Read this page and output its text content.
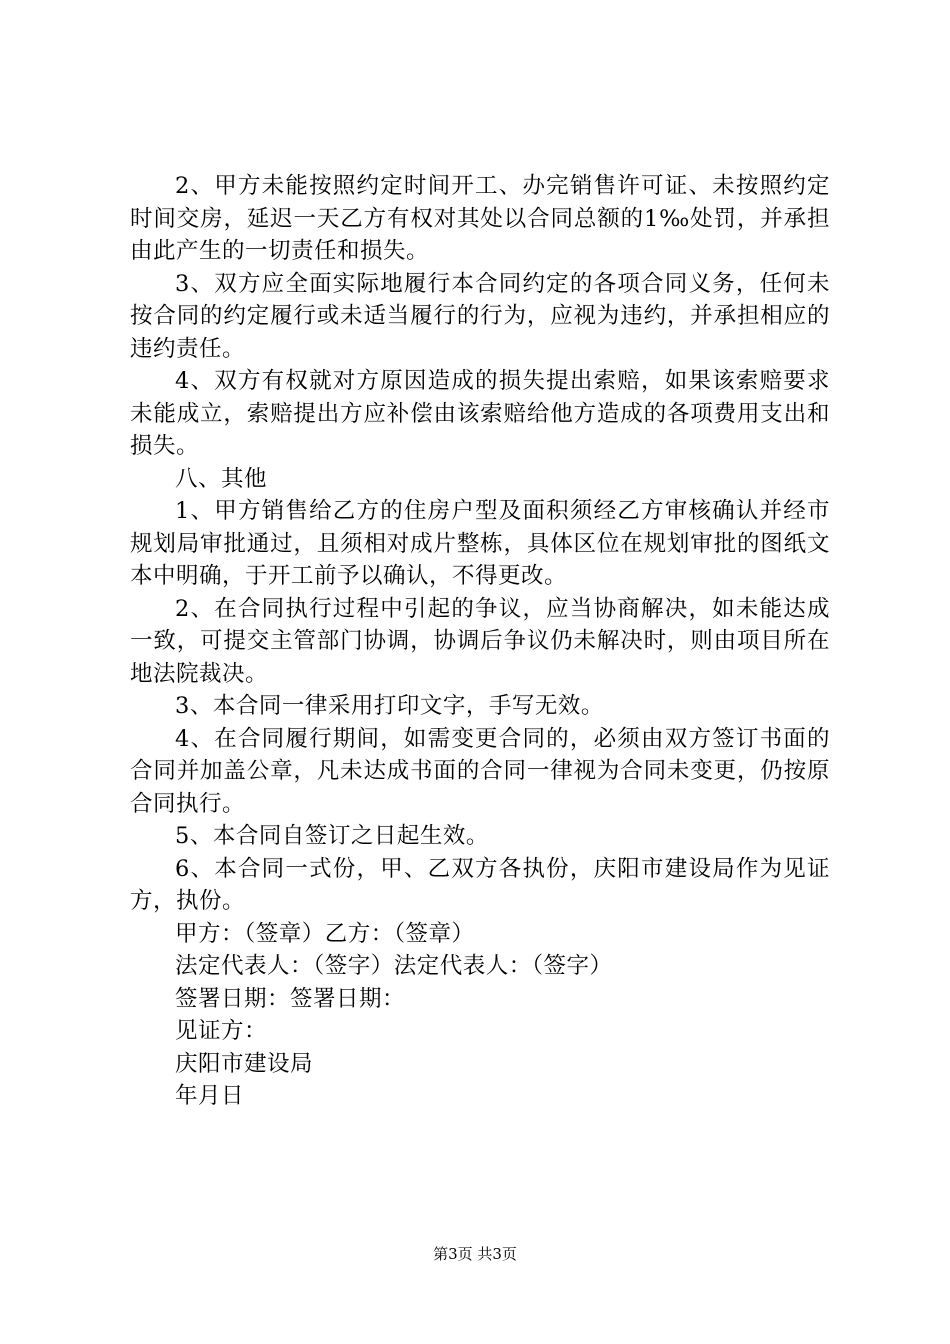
2、甲方未能按照约定时间开工、办完销售许可证、未按照约定时间交房，延迟一天乙方有权对其处以合同总额的1‰处罚，并承担由此产生的一切责任和损失。

3、双方应全面实际地履行本合同约定的各项合同义务，任何未按合同的约定履行或未适当履行的行为，应视为违约，并承担相应的违约责任。

4、双方有权就对方原因造成的损失提出索赔，如果该索赔要求未能成立，索赔提出方应补偿由该索赔给他方造成的各项费用支出和损失。

八、其他

1、甲方销售给乙方的住房户型及面积须经乙方审核确认并经市规划局审批通过，且须相对成片整栋，具体区位在规划审批的图纸文本中明确，于开工前予以确认，不得更改。

2、在合同执行过程中引起的争议，应当协商解决，如未能达成一致，可提交主管部门协调，协调后争议仍未解决时，则由项目所在地法院裁决。

3、本合同一律采用打印文字，手写无效。

4、在合同履行期间，如需变更合同的，必须由双方签订书面的合同并加盖公章，凡未达成书面的合同一律视为合同未变更，仍按原合同执行。

5、本合同自签订之日起生效。

6、本合同一式份，甲、乙双方各执份，庆阳市建设局作为见证方，执份。

甲方：（签章）乙方：（签章）

法定代表人：（签字）法定代表人：（签字）

签署日期：签署日期：

见证方：

庆阳市建设局

年月日

第3页 共3页
